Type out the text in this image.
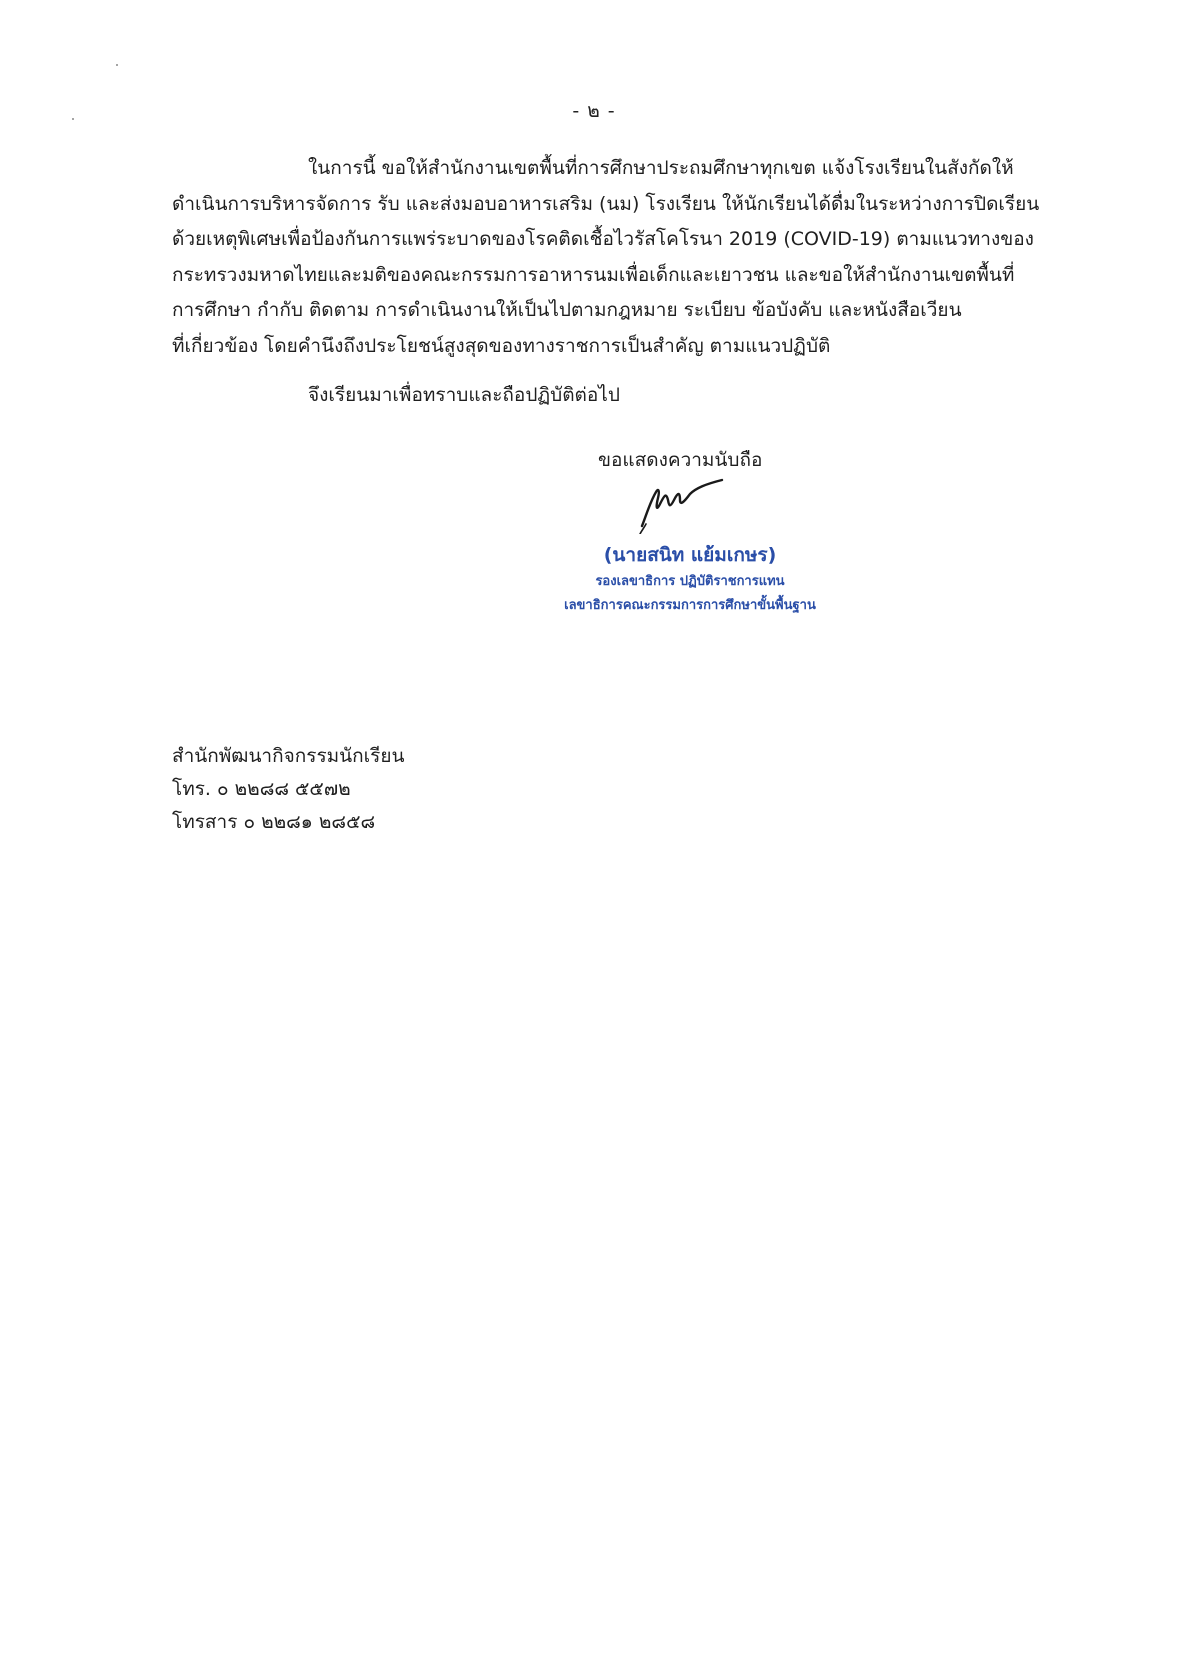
- ๒ -
ในการนี้ ขอให้สำนักงานเขตพื้นที่การศึกษาประถมศึกษาทุกเขต แจ้งโรงเรียนในสังกัดให้
ดำเนินการบริหารจัดการ รับ และส่งมอบอาหารเสริม (นม) โรงเรียน ให้นักเรียนได้ดื่มในระหว่างการปิดเรียน
ด้วยเหตุพิเศษเพื่อป้องกันการแพร่ระบาดของโรคติดเชื้อไวรัสโคโรนา 2019 (COVID-19) ตามแนวทางของ
กระทรวงมหาดไทยและมติของคณะกรรมการอาหารนมเพื่อเด็กและเยาวชน และขอให้สำนักงานเขตพื้นที่
การศึกษา กำกับ ติดตาม การดำเนินงานให้เป็นไปตามกฎหมาย ระเบียบ ข้อบังคับ และหนังสือเวียน
ที่เกี่ยวข้อง โดยคำนึงถึงประโยชน์สูงสุดของทางราชการเป็นสำคัญ ตามแนวปฏิบัติ
จึงเรียนมาเพื่อทราบและถือปฏิบัติต่อไป
ขอแสดงความนับถือ
(นายสนิท แย้มเกษร)
รองเลขาธิการ ปฏิบัติราชการแทน
เลขาธิการคณะกรรมการการศึกษาขั้นพื้นฐาน
สำนักพัฒนากิจกรรมนักเรียน
โทร. ๐ ๒๒๘๘ ๕๕๗๒
โทรสาร ๐ ๒๒๘๑ ๒๘๕๘
